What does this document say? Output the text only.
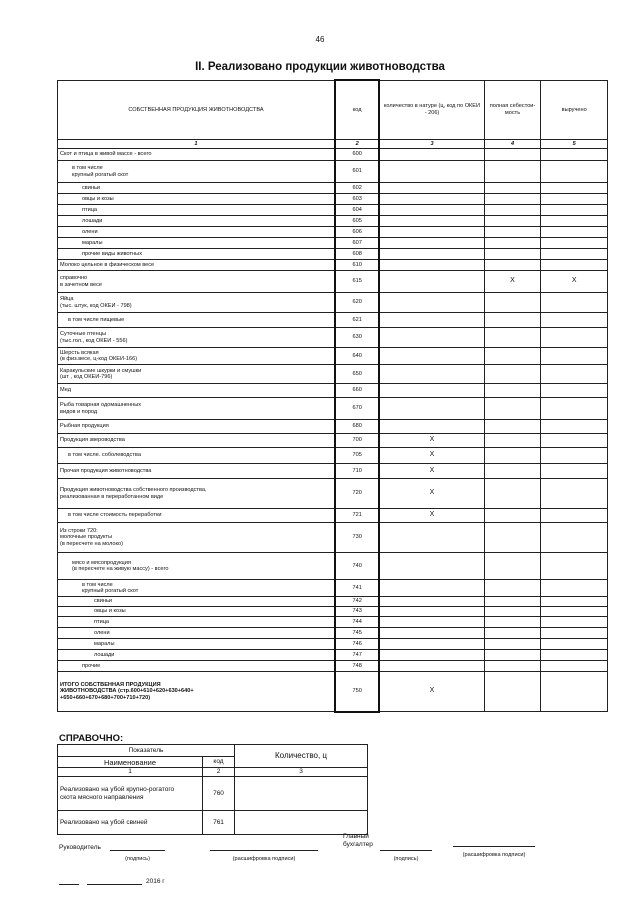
46
II. Реализовано продукции животноводства
СОБСТВЕННАЯ ПРОДУКЦИЯ ЖИВОТНОВОДСТВА	код	количество в натуре (ц, код по ОКЕИ - 206)	полная себестои-мость	выручено
1	2	3	4	5
Скот и птица в живой массе - всего	600			
в том числе
крупный рогатый скот	601			
свиньи	602			
овцы и козы	603			
птица	604			
лошади	605			
олени	606			
маралы	607			
прочие виды животных	608			
Молоко цельное в физическом весе	610			
справочно
в зачетном весе	615		X	X
Яйца
(тыс. штук, код ОКЕИ - 798)	620			
в том числе пищевые	621			
Суточные птенцы
(тыс.гол., код ОКЕИ - 556)	630			
Шерсть всякая
(в физ.весе, ц-код ОКЕИ-166)	640			
Каракульские шкурки и смушки
(шт , код ОКЕИ-796)	650			
Мед	660			
Рыба товарная одомашненных
видов и пород	670			
Рыбная продукция	680			
Продукция звероводства	700	X		
в том числе. соболеводства	705	X		
Прочая продукция животноводства	710	X		
Продукция животноводства собственного производства,
реализованная в переработанном виде	720	X		
в том числе стоимость переработки	721	X		
Из строки 720:
молочные продукты
(в пересчете на молоко)	730			
мясо и мясопродукция
(в пересчете на живую массу) - всего	740			
в том числе
крупный рогатый скот	741			
свиньи	742			
овцы и козы	743			
птица	744			
олени	745			
маралы	746			
лошади	747			
прочие	748			
ИТОГО СОБСТВЕННАЯ ПРОДУКЦИЯ
ЖИВОТНОВОДСТВА (стр.600+610+620+630+640+
+650+660+670+680+700+710+720)	750	X		
СПРАВОЧНО:
Показатель		Количество, ц
Наименование	код	
1	2	3
Реализовано на убой крупно-рогатого
скота мясного направления	760	
Реализовано на убой свиней	761	
Руководитель
(подпись)	(расшифровка подписи)
Главный
бухгалтер
(подпись)
(расшифровка подписи)
2016 г
